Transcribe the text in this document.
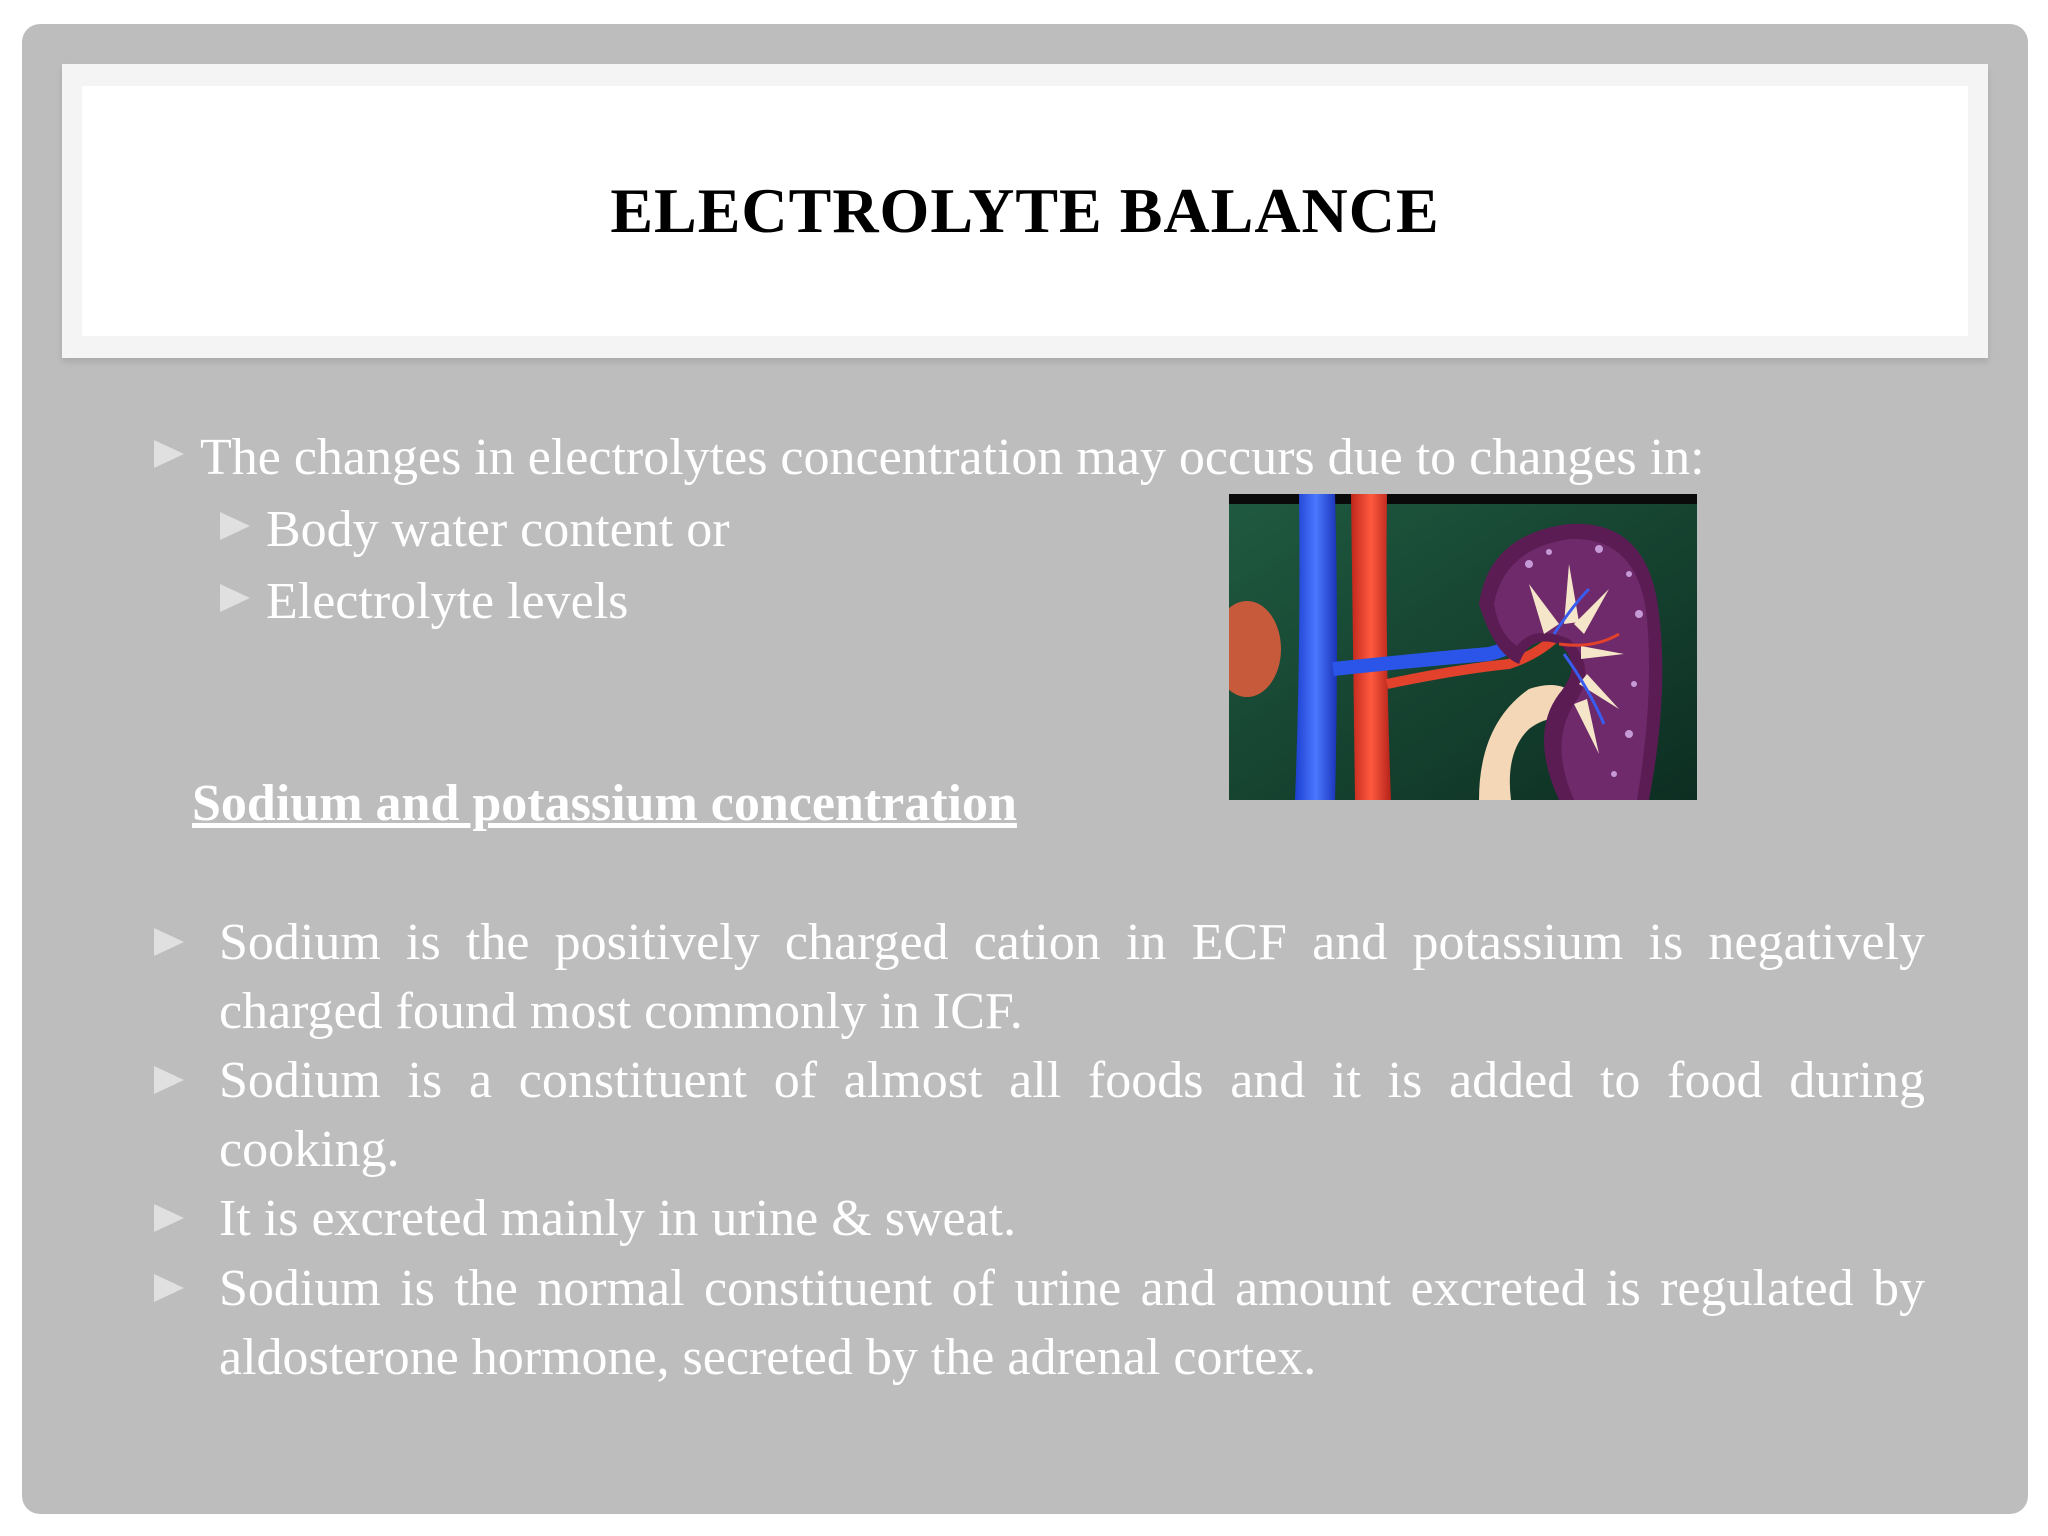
ELECTROLYTE BALANCE
The changes in electrolytes concentration may occurs due to changes in:
Body water content or
Electrolyte levels
Sodium and potassium concentration
Sodium is the positively charged cation in ECF and potassium is negatively charged found most commonly in ICF.
Sodium is a constituent of almost all foods and it is added to food during cooking.
It is excreted mainly in urine & sweat.
Sodium is the normal constituent of urine and amount excreted is regulated by aldosterone hormone, secreted by the adrenal cortex.
